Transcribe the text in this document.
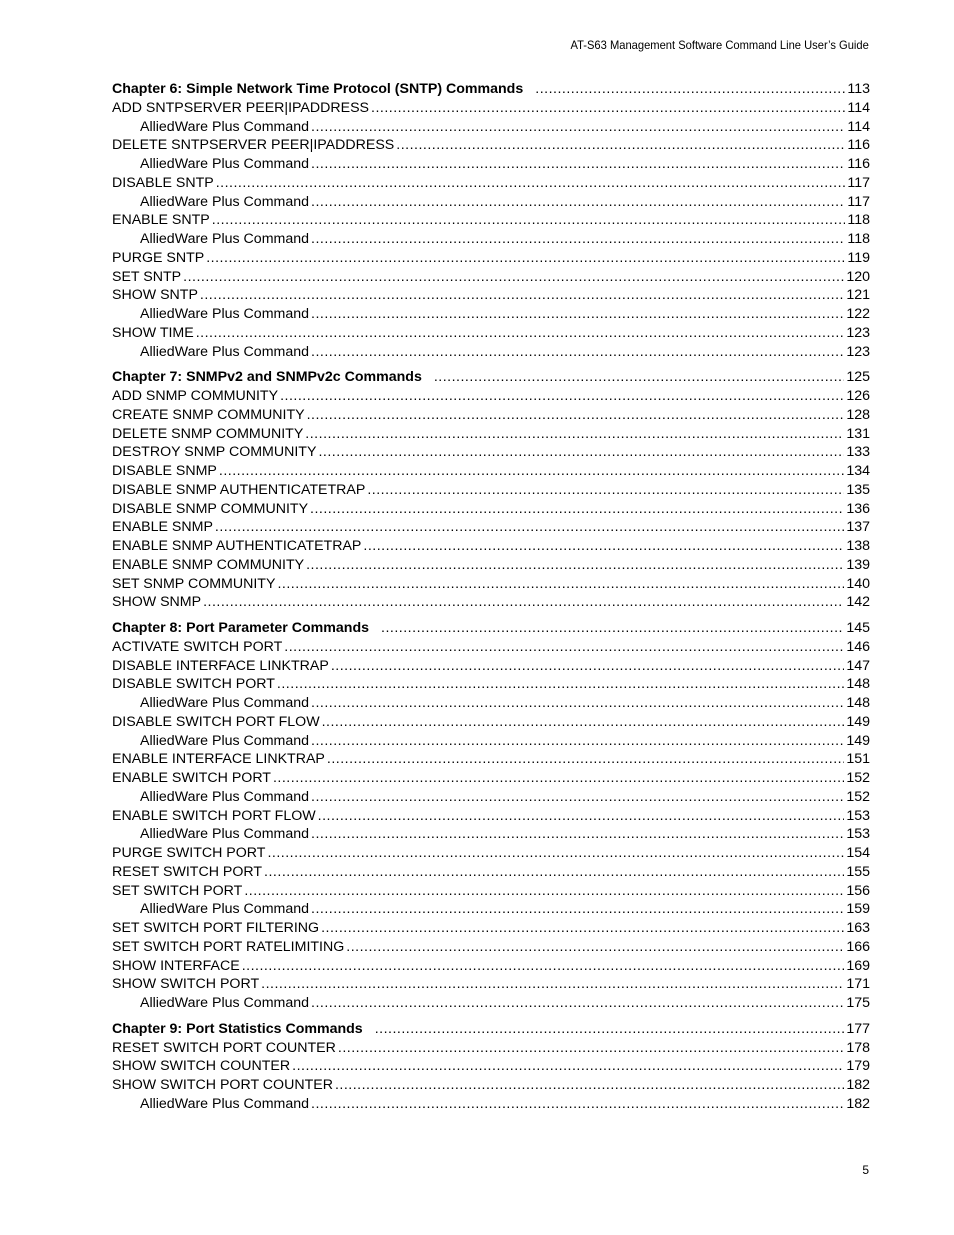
AT-S63 Management Software Command Line User’s Guide
Chapter 6: Simple Network Time Protocol (SNTP) Commands .....	113
ADD SNTPSERVER PEER|IPADDRESS .....	114
AlliedWare Plus Command .....	114
DELETE SNTPSERVER PEER|IPADDRESS .....	116
AlliedWare Plus Command .....	116
DISABLE SNTP .....	117
AlliedWare Plus Command .....	117
ENABLE SNTP .....	118
AlliedWare Plus Command .....	118
PURGE SNTP .....	119
SET SNTP .....	120
SHOW SNTP .....	121
AlliedWare Plus Command .....	122
SHOW TIME .....	123
AlliedWare Plus Command .....	123
Chapter 7: SNMPv2 and SNMPv2c Commands .....	125
ADD SNMP COMMUNITY .....	126
CREATE SNMP COMMUNITY .....	128
DELETE SNMP COMMUNITY .....	131
DESTROY SNMP COMMUNITY .....	133
DISABLE SNMP .....	134
DISABLE SNMP AUTHENTICATETRAP .....	135
DISABLE SNMP COMMUNITY .....	136
ENABLE SNMP .....	137
ENABLE SNMP AUTHENTICATETRAP .....	138
ENABLE SNMP COMMUNITY .....	139
SET SNMP COMMUNITY .....	140
SHOW SNMP .....	142
Chapter 8: Port Parameter Commands .....	145
ACTIVATE SWITCH PORT .....	146
DISABLE INTERFACE LINKTRAP .....	147
DISABLE SWITCH PORT .....	148
AlliedWare Plus Command .....	148
DISABLE SWITCH PORT FLOW .....	149
AlliedWare Plus Command .....	149
ENABLE INTERFACE LINKTRAP .....	151
ENABLE SWITCH PORT .....	152
AlliedWare Plus Command .....	152
ENABLE SWITCH PORT FLOW .....	153
AlliedWare Plus Command .....	153
PURGE SWITCH PORT .....	154
RESET SWITCH PORT .....	155
SET SWITCH PORT .....	156
AlliedWare Plus Command .....	159
SET SWITCH PORT FILTERING .....	163
SET SWITCH PORT RATELIMITING .....	166
SHOW INTERFACE .....	169
SHOW SWITCH PORT .....	171
AlliedWare Plus Command .....	175
Chapter 9: Port Statistics Commands .....	177
RESET SWITCH PORT COUNTER .....	178
SHOW SWITCH COUNTER .....	179
SHOW SWITCH PORT COUNTER .....	182
AlliedWare Plus Command .....	182
5
